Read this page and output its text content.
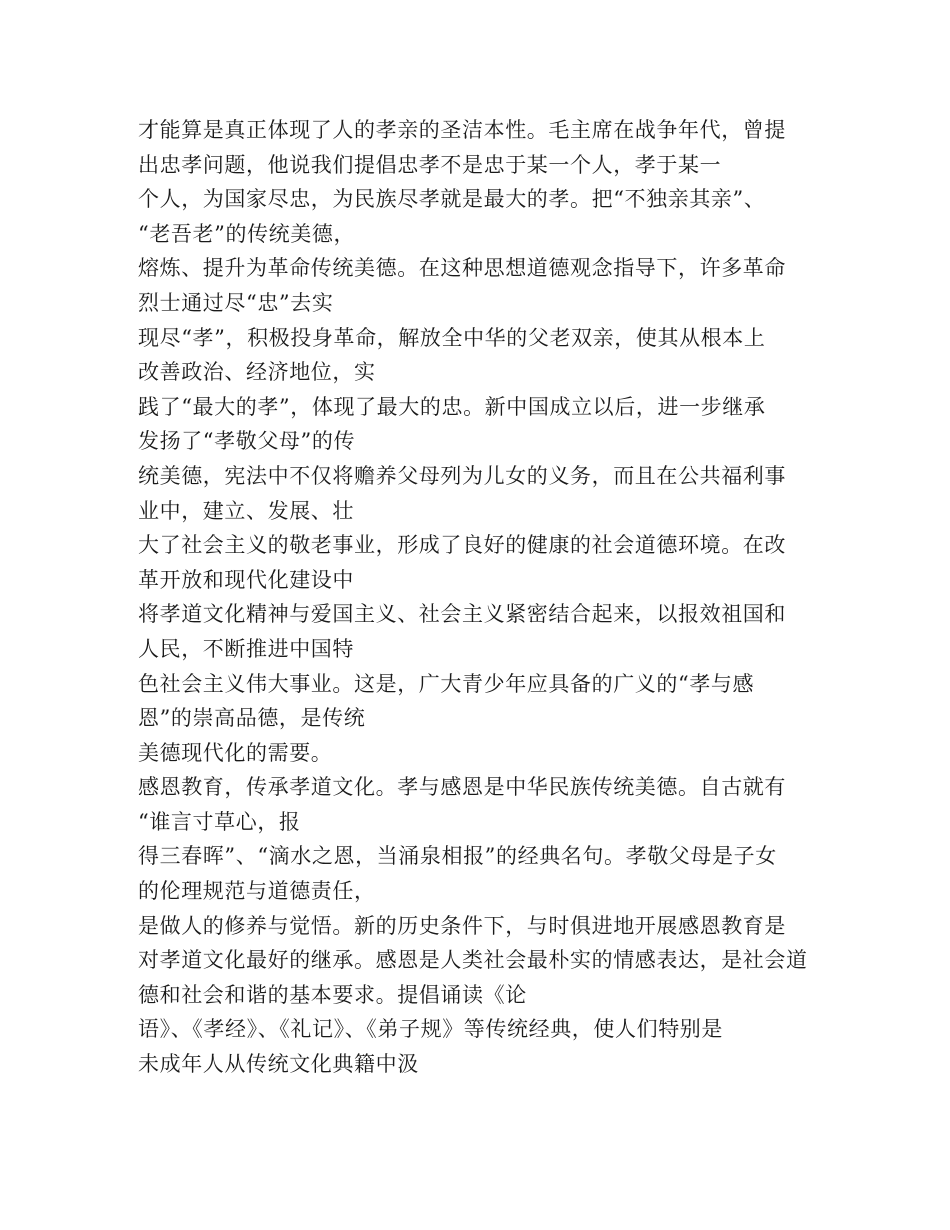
才能算是真正体现了人的孝亲的圣洁本性。毛主席在战争年代，曾提
出忠孝问题，他说我们提倡忠孝不是忠于某一个人，孝于某一
个人，为国家尽忠，为民族尽孝就是最大的孝。把“不独亲其亲”、
“老吾老”的传统美德，
熔炼、提升为革命传统美德。在这种思想道德观念指导下，许多革命
烈士通过尽“忠”去实
现尽“孝”，积极投身革命，解放全中华的父老双亲，使其从根本上
改善政治、经济地位，实
践了“最大的孝”，体现了最大的忠。新中国成立以后，进一步继承
发扬了“孝敬父母”的传
统美德，宪法中不仅将赡养父母列为儿女的义务，而且在公共福利事
业中，建立、发展、壮
大了社会主义的敬老事业，形成了良好的健康的社会道德环境。在改
革开放和现代化建设中
将孝道文化精神与爱国主义、社会主义紧密结合起来，以报效祖国和
人民，不断推进中国特
色社会主义伟大事业。这是，广大青少年应具备的广义的“孝与感
恩”的崇高品德，是传统
美德现代化的需要。
感恩教育，传承孝道文化。孝与感恩是中华民族传统美德。自古就有
“谁言寸草心，报
得三春晖”、“滴水之恩，当涌泉相报”的经典名句。孝敬父母是子女
的伦理规范与道德责任，
是做人的修养与觉悟。新的历史条件下，与时俱进地开展感恩教育是
对孝道文化最好的继承。感恩是人类社会最朴实的情感表达，是社会道
德和社会和谐的基本要求。提倡诵读《论
语》、《孝经》、《礼记》、《弟子规》等传统经典，使人们特别是
未成年人从传统文化典籍中汲
